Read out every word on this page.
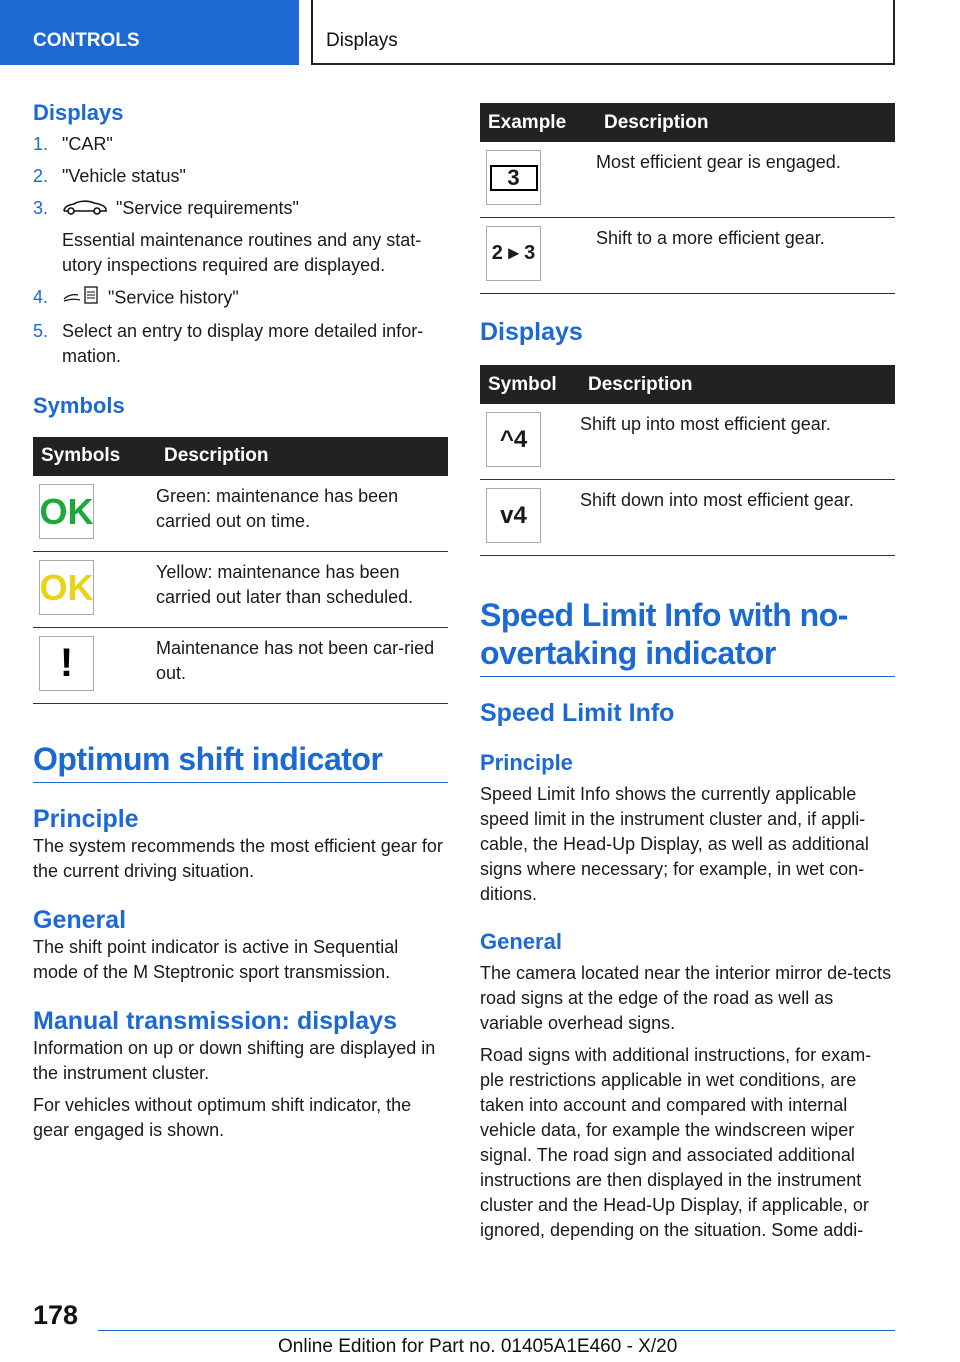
CONTROLS	Displays
Displays
1. "CAR"
2. "Vehicle status"
3.	"Service requirements"
Essential maintenance routines and any stat-utory inspections required are displayed.
4.	"Service history"
5. Select an entry to display more detailed infor-mation.
Symbols
Symbols	Description

OK	Green: maintenance has been carried out on time.

OK	Yellow: maintenance has been carried out later than scheduled.

!	Maintenance has not been car-ried out.
Optimum shift indicator
Principle

The system recommends the most efficient gear for the current driving situation.

General

The shift point indicator is active in Sequential mode of the M Steptronic sport transmission.

Manual transmission: displays

Information on up or down shifting are displayed in the instrument cluster.

For vehicles without optimum shift indicator, the gear engaged is shown.

Example	Description

3	Most efficient gear is engaged.

2 ▸ 3	Shift to a more efficient gear.
Displays
Symbol	Description

^4	Shift up into most efficient gear.

v4	Shift down into most efficient gear.
Speed Limit Info with no-overtaking indicator
Speed Limit Info
Principle

Speed Limit Info shows the currently applicable speed limit in the instrument cluster and, if appli-cable, the Head-Up Display, as well as additional signs where necessary; for example, in wet con-ditions.

General

The camera located near the interior mirror de-tects road signs at the edge of the road as well as variable overhead signs.

Road signs with additional instructions, for exam-ple restrictions applicable in wet conditions, are taken into account and compared with internal vehicle data, for example the windscreen wiper signal. The road sign and associated additional instructions are then displayed in the instrument cluster and the Head-Up Display, if applicable, or ignored, depending on the situation. Some addi-

178
Online Edition for Part no. 01405A1E460 - X/20
